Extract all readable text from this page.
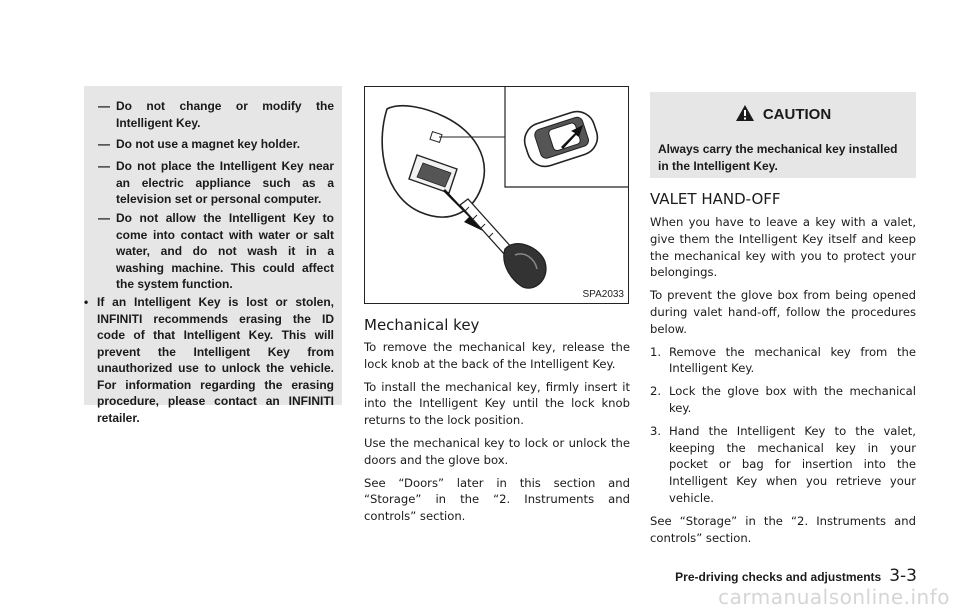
— Do not change or modify the Intelligent Key.
— Do not use a magnet key holder.
— Do not place the Intelligent Key near an electric appliance such as a television set or personal computer.
— Do not allow the Intelligent Key to come into contact with water or salt water, and do not wash it in a washing machine. This could affect the system function.
• If an Intelligent Key is lost or stolen, INFINITI recommends erasing the ID code of that Intelligent Key. This will prevent the Intelligent Key from unauthorized use to unlock the vehicle. For information regarding the erasing procedure, please contact an INFINITI retailer.
SPA2033
Mechanical key

To remove the mechanical key, release the lock knob at the back of the Intelligent Key.

To install the mechanical key, firmly insert it into the Intelligent Key until the lock knob returns to the lock position.

Use the mechanical key to lock or unlock the doors and the glove box.

See “Doors” later in this section and “Storage” in the “2. Instruments and controls” section.

CAUTION
Always carry the mechanical key installed in the Intelligent Key.
VALET HAND-OFF

When you have to leave a key with a valet, give them the Intelligent Key itself and keep the mechanical key with you to protect your belongings.

To prevent the glove box from being opened during valet hand-off, follow the procedures below.

1. Remove the mechanical key from the Intelligent Key.
2. Lock the glove box with the mechanical key.
3. Hand the Intelligent Key to the valet, keeping the mechanical key in your pocket or bag for insertion into the Intelligent Key when you retrieve your vehicle.

See “Storage” in the “2. Instruments and controls” section.

Pre-driving checks and adjustments 3-3
carmanualsonline.info
